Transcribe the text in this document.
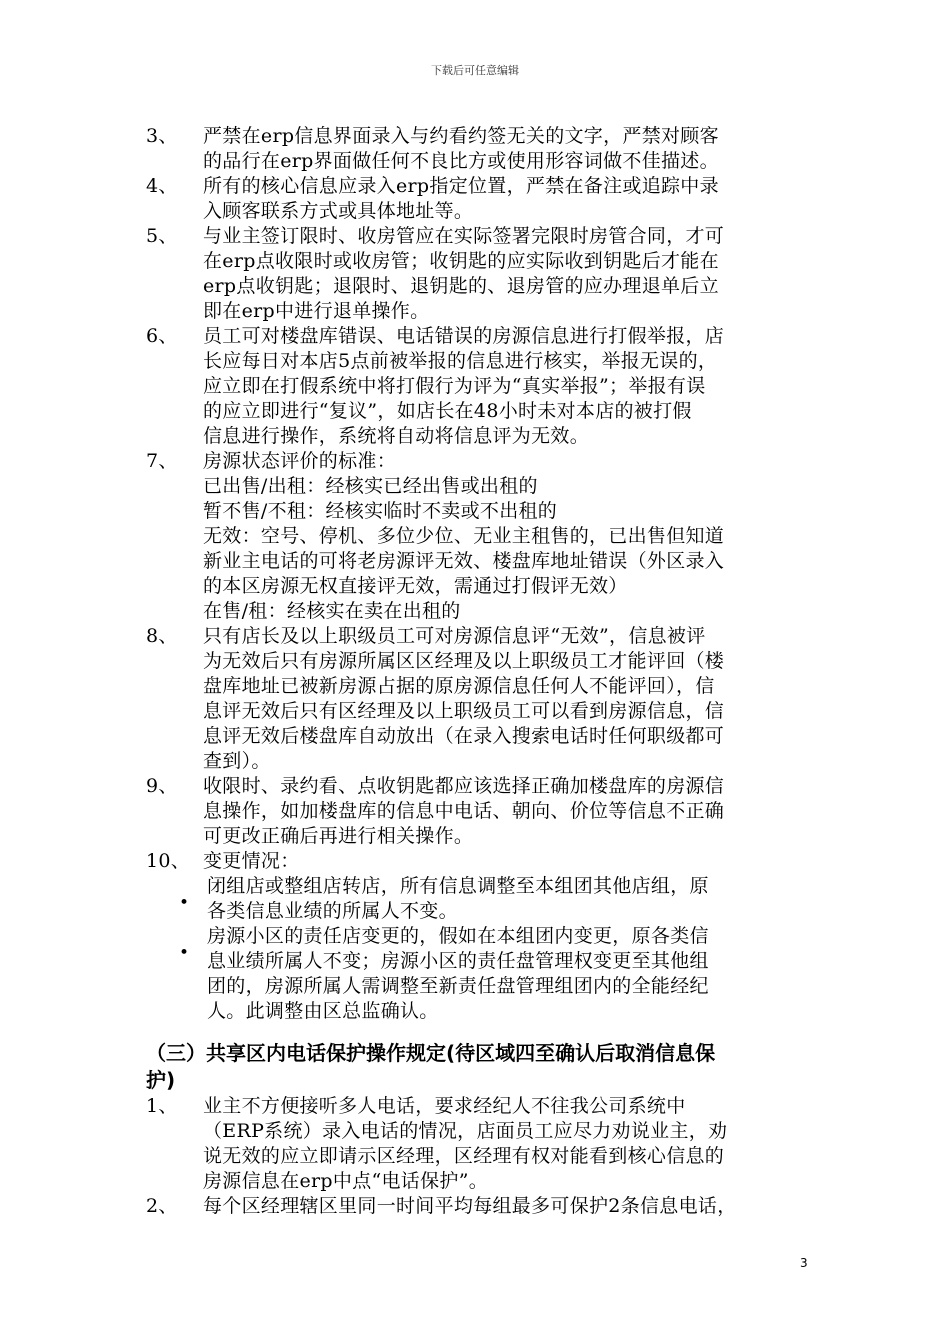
下载后可任意编辑
3、 严禁在erp信息界面录入与约看约签无关的文字，严禁对顾客
的品行在erp界面做任何不良比方或使用形容词做不佳描述。
4、 所有的核心信息应录入erp指定位置，严禁在备注或追踪中录
入顾客联系方式或具体地址等。
5、 与业主签订限时、收房管应在实际签署完限时房管合同，才可
在erp点收限时或收房管；收钥匙的应实际收到钥匙后才能在
erp点收钥匙；退限时、退钥匙的、退房管的应办理退单后立
即在erp中进行退单操作。
6、 员工可对楼盘库错误、电话错误的房源信息进行打假举报，店
长应每日对本店5点前被举报的信息进行核实，举报无误的，
应立即在打假系统中将打假行为评为“真实举报”；举报有误
的应立即进行“复议”，如店长在48小时未对本店的被打假
信息进行操作，系统将自动将信息评为无效。
7、 房源状态评价的标准：
已出售/出租：经核实已经出售或出租的
暂不售/不租：经核实临时不卖或不出租的
无效：空号、停机、多位少位、无业主租售的，已出售但知道
新业主电话的可将老房源评无效、楼盘库地址错误（外区录入
的本区房源无权直接评无效，需通过打假评无效）
在售/租：经核实在卖在出租的
8、 只有店长及以上职级员工可对房源信息评“无效”，信息被评
为无效后只有房源所属区区经理及以上职级员工才能评回（楼
盘库地址已被新房源占据的原房源信息任何人不能评回），信
息评无效后只有区经理及以上职级员工可以看到房源信息，信
息评无效后楼盘库自动放出（在录入搜索电话时任何职级都可
查到）。
9、 收限时、录约看、点收钥匙都应该选择正确加楼盘库的房源信
息操作，如加楼盘库的信息中电话、朝向、价位等信息不正确
可更改正确后再进行相关操作。
10、 变更情况：
•
闭组店或整组店转店，所有信息调整至本组团其他店组，原
各类信息业绩的所属人不变。
•
房源小区的责任店变更的，假如在本组团内变更，原各类信
息业绩所属人不变；房源小区的责任盘管理权变更至其他组
团的，房源所属人需调整至新责任盘管理组团内的全能经纪
人。此调整由区总监确认。
（三）共享区内电话保护操作规定(待区域四至确认后取消信息保
护)
1、 业主不方便接听多人电话，要求经纪人不往我公司系统中
（ERP系统）录入电话的情况，店面员工应尽力劝说业主，劝
说无效的应立即请示区经理，区经理有权对能看到核心信息的
房源信息在erp中点“电话保护”。
2、 每个区经理辖区里同一时间平均每组最多可保护2条信息电话，
3
